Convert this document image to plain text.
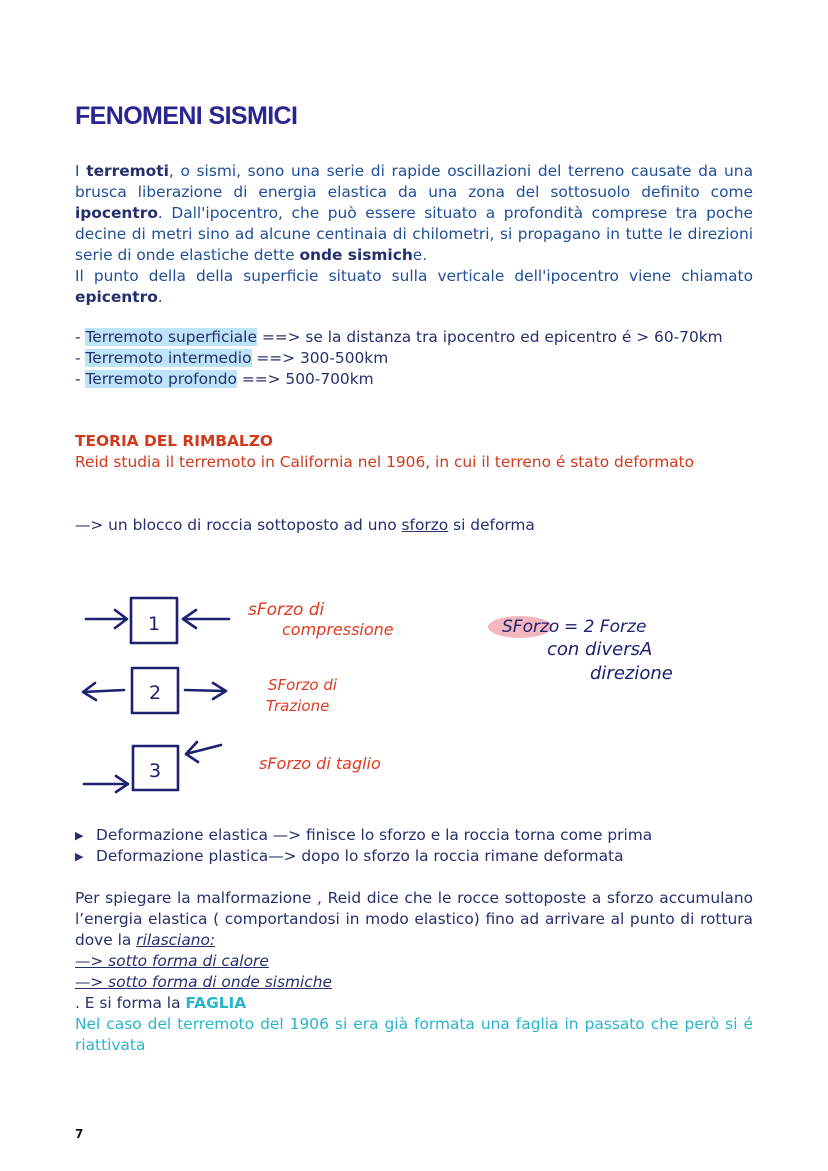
FENOMENI SISMICI

I terremoti, o sismi, sono una serie di rapide oscillazioni del terreno causate da una brusca liberazione di energia elastica da una zona del sottosuolo definito come ipocentro. Dall'ipocentro, che può essere situato a profondità comprese tra poche decine di metri sino ad alcune centinaia di chilometri, si propagano in tutte le direzioni serie di onde elastiche dette onde sismiche.
Il punto della della superficie situato sulla verticale dell'ipocentro viene chiamato epicentro.

- Terremoto superficiale ==> se la distanza tra ipocentro ed epicentro é > 60-70km
- Terremoto intermedio ==> 300-500km
- Terremoto profondo ==> 500-700km
TEORIA DEL RIMBALZO
Reid studia il terremoto in California nel 1906, in cui il terreno é stato deformato
—> un blocco di roccia sottoposto ad uno sforzo si deforma
1
2
3
sForzo di
compressione
SForzo di
Trazione
sForzo di taglio
SForzo = 2 Forze
con diversA
direzione
▶ Deformazione elastica —> finisce lo sforzo e la roccia torna come prima
▶ Deformazione plastica—> dopo lo sforzo la roccia rimane deformata
Per spiegare la malformazione , Reid dice che le rocce sottoposte a sforzo accumulano l’energia elastica ( comportandosi in modo elastico) fino ad arrivare al punto di rottura dove la rilasciano:
—> sotto forma di calore
—> sotto forma di onde sismiche
. E si forma la FAGLIA
Nel caso del terremoto del 1906 si era già formata una faglia in passato che però si é riattivata
7
